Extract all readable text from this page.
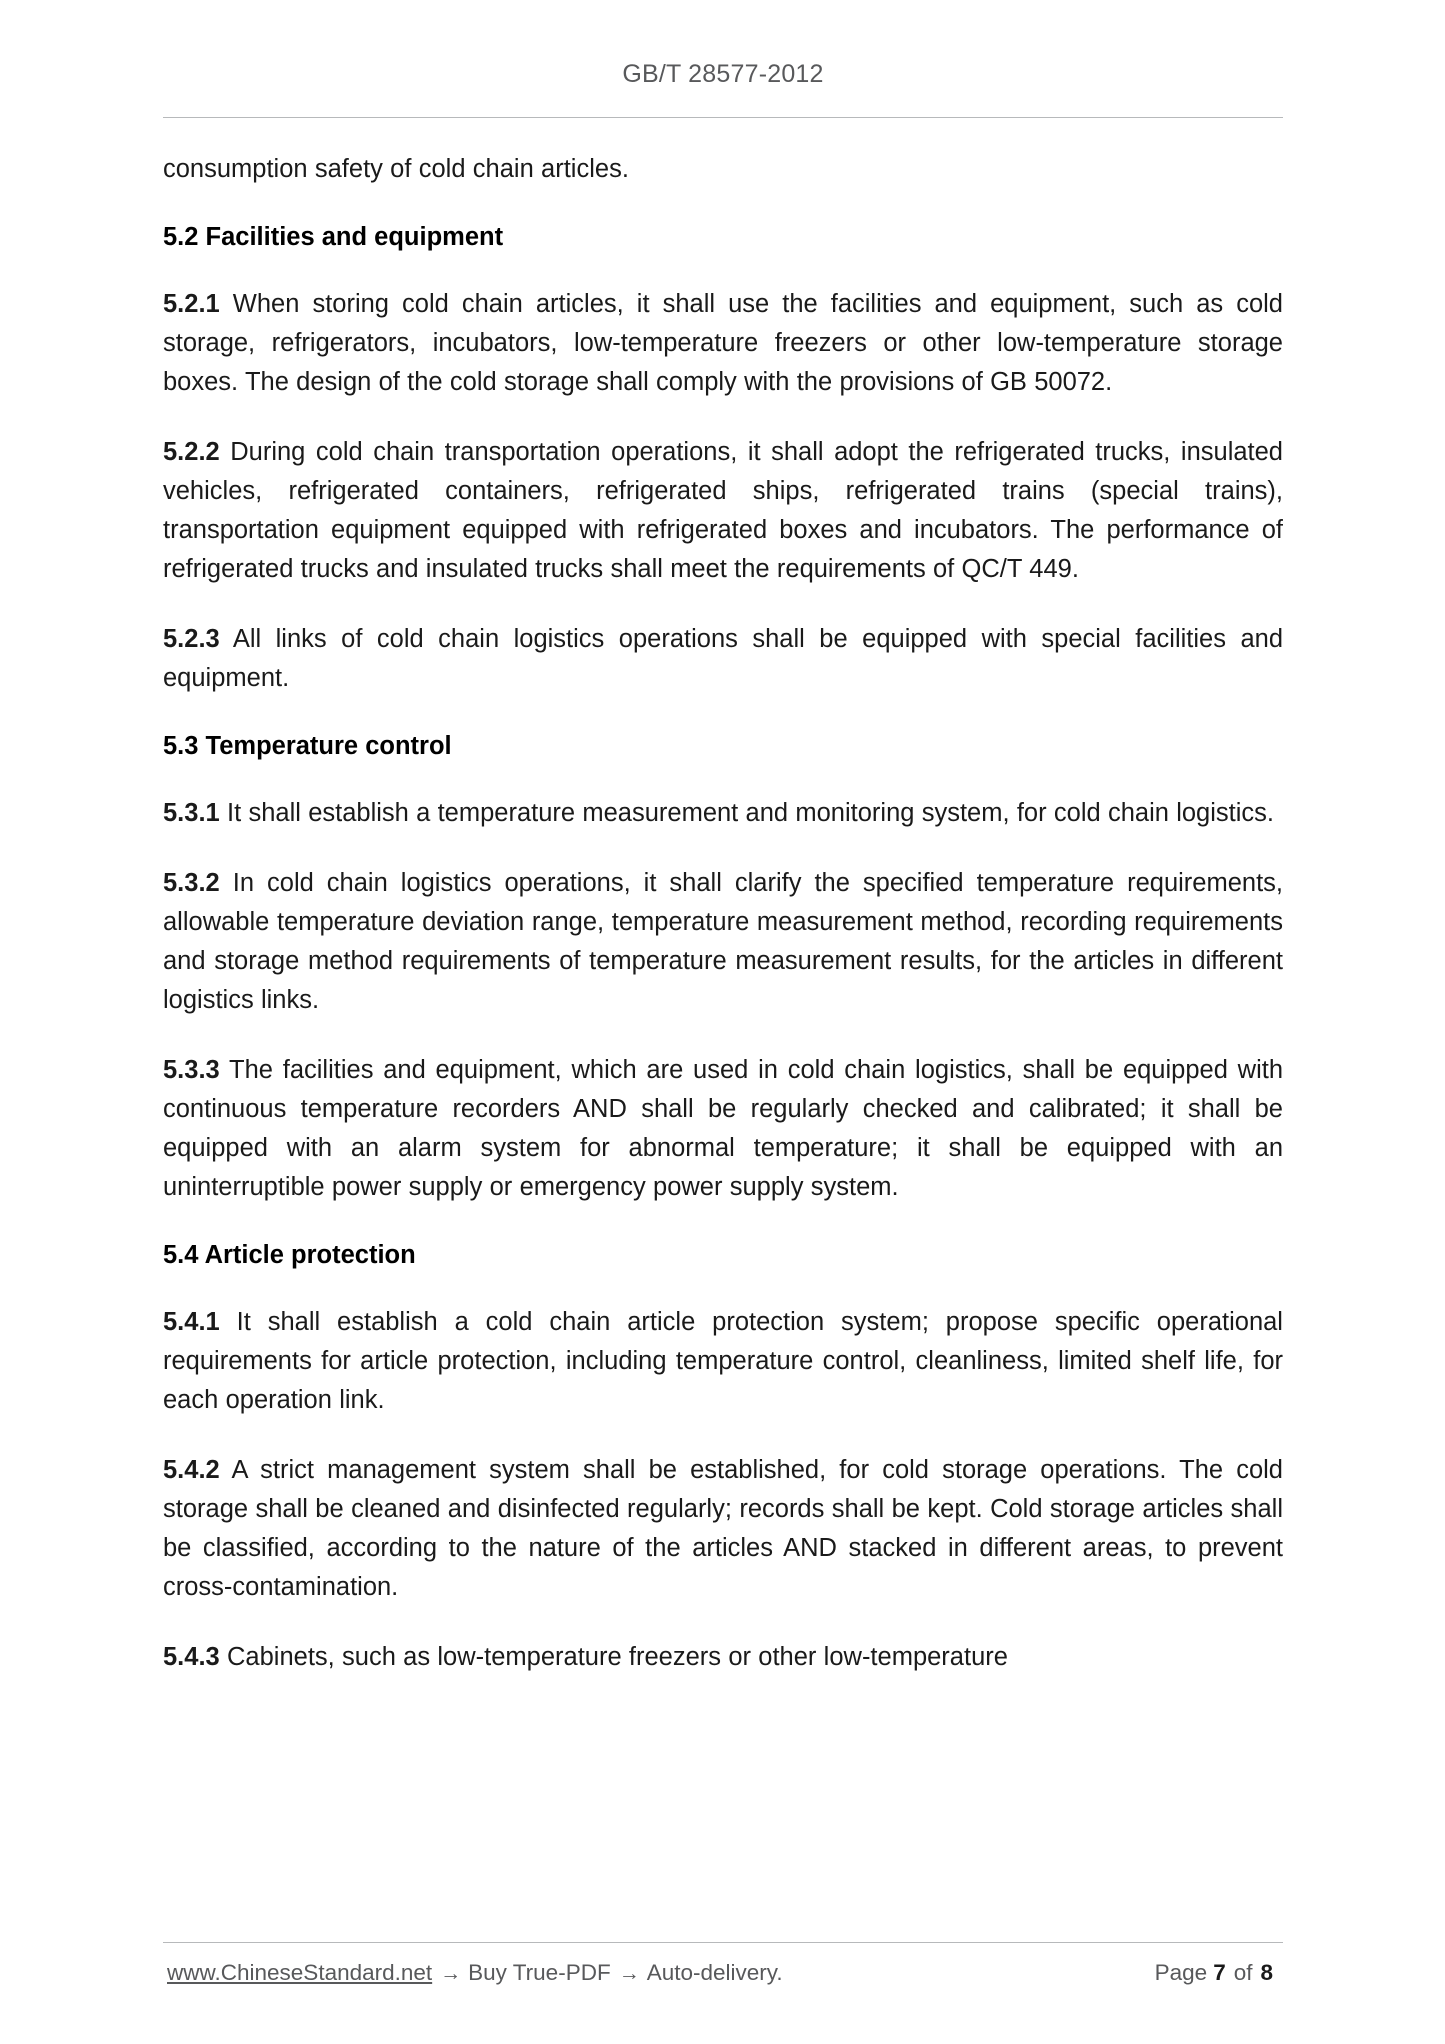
GB/T 28577-2012

consumption safety of cold chain articles.

5.2 Facilities and equipment

5.2.1 When storing cold chain articles, it shall use the facilities and equipment, such as cold storage, refrigerators, incubators, low-temperature freezers or other low-temperature storage boxes. The design of the cold storage shall comply with the provisions of GB 50072.

5.2.2 During cold chain transportation operations, it shall adopt the refrigerated trucks, insulated vehicles, refrigerated containers, refrigerated ships, refrigerated trains (special trains), transportation equipment equipped with refrigerated boxes and incubators. The performance of refrigerated trucks and insulated trucks shall meet the requirements of QC/T 449.

5.2.3 All links of cold chain logistics operations shall be equipped with special facilities and equipment.

5.3 Temperature control

5.3.1 It shall establish a temperature measurement and monitoring system, for cold chain logistics.

5.3.2 In cold chain logistics operations, it shall clarify the specified temperature requirements, allowable temperature deviation range, temperature measurement method, recording requirements and storage method requirements of temperature measurement results, for the articles in different logistics links.

5.3.3 The facilities and equipment, which are used in cold chain logistics, shall be equipped with continuous temperature recorders AND shall be regularly checked and calibrated; it shall be equipped with an alarm system for abnormal temperature; it shall be equipped with an uninterruptible power supply or emergency power supply system.

5.4 Article protection

5.4.1 It shall establish a cold chain article protection system; propose specific operational requirements for article protection, including temperature control, cleanliness, limited shelf life, for each operation link.

5.4.2 A strict management system shall be established, for cold storage operations. The cold storage shall be cleaned and disinfected regularly; records shall be kept. Cold storage articles shall be classified, according to the nature of the articles AND stacked in different areas, to prevent cross-contamination.

5.4.3 Cabinets, such as low-temperature freezers or other low-temperature

www.ChineseStandard.net → Buy True-PDF → Auto-delivery.	Page 7 of 8
